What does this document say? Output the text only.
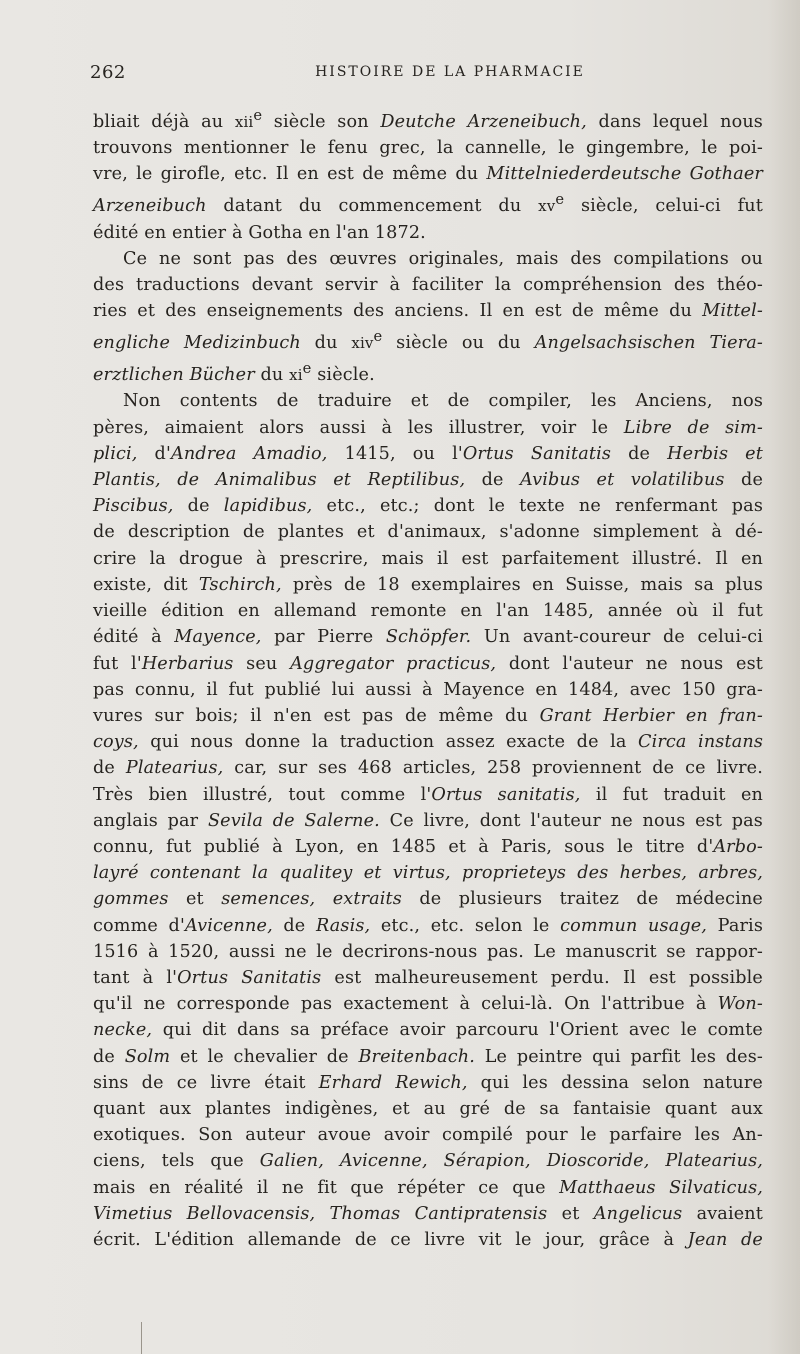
262	HISTOIRE DE LA PHARMACIE

bliait déjà au xii$^e$ siècle son Deutche Arzeneibuch, dans lequel nous

trouvons mentionner le fenu grec, la cannelle, le gingembre, le poi-

vre, le girofle, etc. Il en est de même du Mittelniederdeutsche Gothaer

Arzeneibuch datant du commencement du $xv^e$ siècle, celui-ci fut

édité en entier à Gotha en l'an 1872.

Ce ne sont pas des œuvres originales, mais des compilations ou

des traductions devant servir à faciliter la compréhension des théo-

ries et des enseignements des anciens. Il en est de même du Mittel-

engliche Medizinbuch du xiv$^e$ siècle ou du Angelsachsischen Tiera-

erztlichen Bücher du $xi^e$ siècle.

Non contents de traduire et de compiler, les Anciens, nos

pères, aimaient alors aussi à les illustrer, voir le Libre de sim-

plici, d'Andrea Amadio, 1415, ou l'Ortus Sanitatis de Herbis et

Plantis, de Animalibus et Reptilibus, de Avibus et volatilibus de

Piscibus, de lapidibus, etc., etc.; dont le texte ne renfermant pas

de description de plantes et d'animaux, s'adonne simplement à dé-

crire la drogue à prescrire, mais il est parfaitement illustré. Il en

existe, dit Tschirch, près de 18 exemplaires en Suisse, mais sa plus

vieille édition en allemand remonte en l'an 1485, année où il fut

édité à Mayence, par Pierre Schöpfer. Un avant-coureur de celui-ci

fut l'Herbarius seu Aggregator practicus, dont l'auteur ne nous est

pas connu, il fut publié lui aussi à Mayence en 1484, avec 150 gra-

vures sur bois; il n'en est pas de même du Grant Herbier en fran-

coys, qui nous donne la traduction assez exacte de la Circa instans

de Platearius, car, sur ses 468 articles, 258 proviennent de ce livre.

Très bien illustré, tout comme l'Ortus sanitatis, il fut traduit en

anglais par Sevila de Salerne. Ce livre, dont l'auteur ne nous est pas

connu, fut publié à Lyon, en 1485 et à Paris, sous le titre d'Arbo-

layré contenant la qualitey et virtus, proprieteys des herbes, arbres,

gommes et semences, extraits de plusieurs traitez de médecine

comme d'Avicenne, de Rasis, etc., etc. selon le commun usage, Paris

1516 à 1520, aussi ne le decrirons-nous pas. Le manuscrit se rappor-

tant à l'Ortus Sanitatis est malheureusement perdu. Il est possible

qu'il ne corresponde pas exactement à celui-là. On l'attribue à Won-

necke, qui dit dans sa préface avoir parcouru l'Orient avec le comte

de Solm et le chevalier de Breitenbach. Le peintre qui parfit les des-

sins de ce livre était Erhard Rewich, qui les dessina selon nature

quant aux plantes indigènes, et au gré de sa fantaisie quant aux

exotiques. Son auteur avoue avoir compilé pour le parfaire les An-

ciens, tels que Galien, Avicenne, Sérapion, Dioscoride, Platearius,

mais en réalité il ne fit que répéter ce que Matthaeus Silvaticus,

Vimetius Bellovacensis, Thomas Cantipratensis et Angelicus avaient

écrit. L'édition allemande de ce livre vit le jour, grâce à Jean de
